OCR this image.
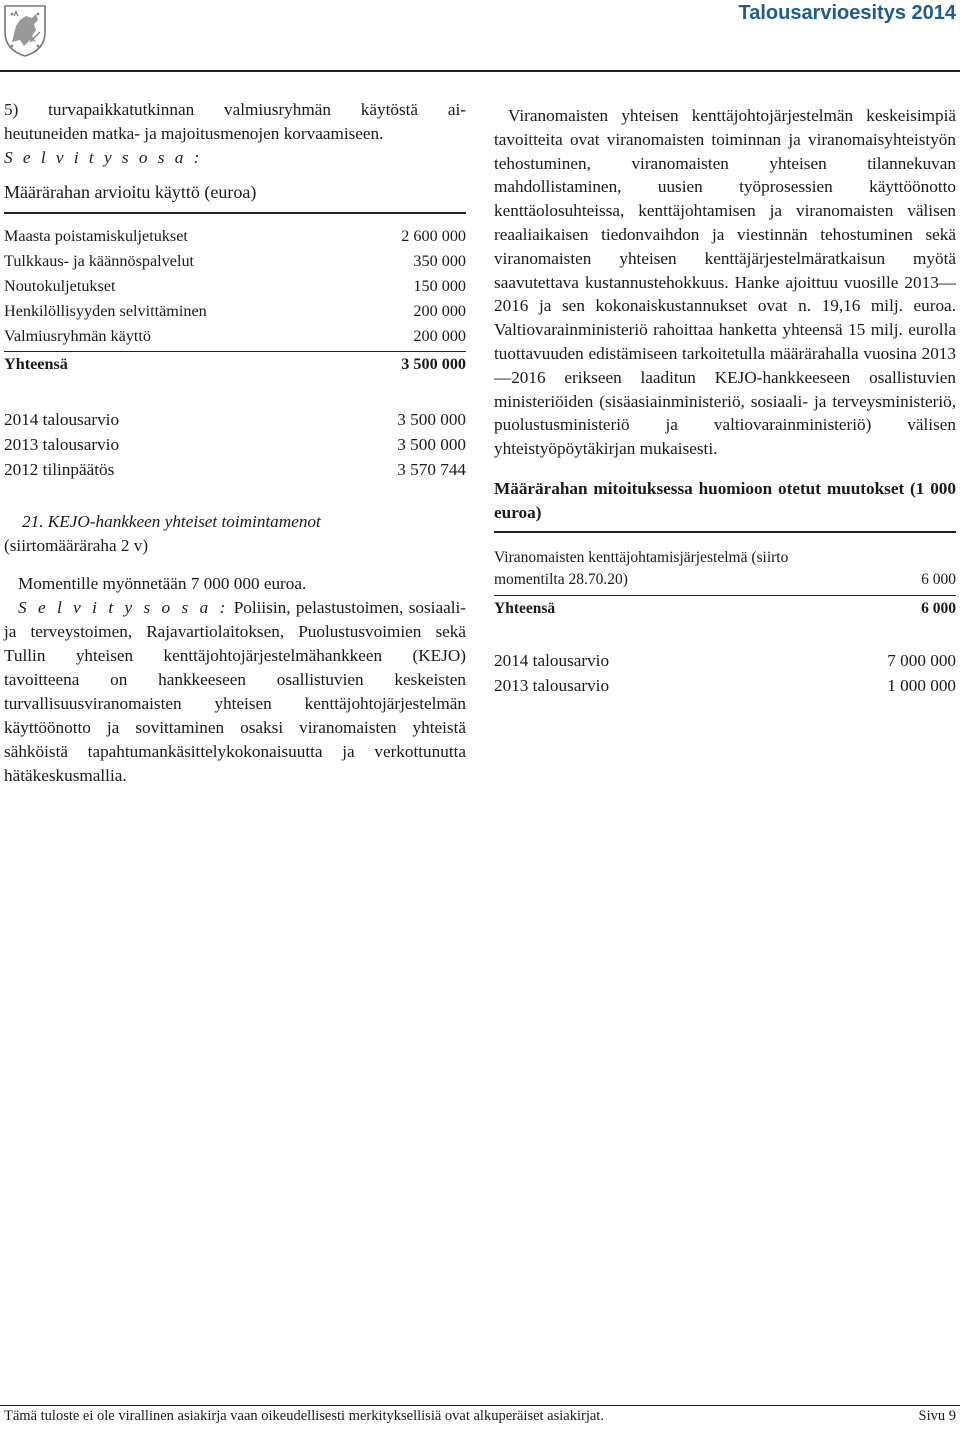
Talousarvioesitys 2014

5) turvapaikkatutkinnan valmiusryhmän käytöstä ai-

heutuneiden matka- ja majoitusmenojen korvaamiseen.

S e l v i t y s o s a :

Määrärahan arvioitu käyttö (euroa)

Maasta poistamiskuljetukset	2 600 000
Tulkkaus- ja käännöspalvelut	350 000
Noutokuljetukset	150 000
Henkilöllisyyden selvittäminen	200 000
Valmiusryhmän käyttö	200 000
Yhteensä	3 500 000
2014 talousarvio	3 500 000
2013 talousarvio	3 500 000
2012 tilinpäätös	3 570 744

21. KEJO-hankkeen yhteiset toimintamenot

(siirtomääräraha 2 v)

Momentille myönnetään 7 000 000 euroa.

S e l v i t y s o s a : Poliisin, pelastustoimen, sosiaali- ja terveystoimen, Rajavartiolaitoksen, Puolustusvoimien sekä Tullin yhteisen kenttäjohtojärjestelmähankkeen (KEJO) tavoitteena on hankkeeseen osallistuvien keskeisten turvallisuusviranomaisten yhteisen kenttäjohtojärjestelmän käyttöönotto ja sovittaminen osaksi viranomaisten yhteistä sähköistä tapahtumankäsittelykokonaisuutta ja verkottunutta hätäkeskusmallia.

Viranomaisten yhteisen kenttäjohtojärjestelmän keskeisimpiä tavoitteita ovat viranomaisten toiminnan ja viranomaisyhteistyön tehostuminen, viranomaisten yhteisen tilannekuvan mahdollistaminen, uusien työprosessien käyttöönotto kenttäolosuhteissa, kenttäjohtamisen ja viranomaisten välisen reaaliaikaisen tiedonvaihdon ja viestinnän tehostuminen sekä viranomaisten yhteisen kenttäjärjestelmäratkaisun myötä saavutettava kustannustehokkuus. Hanke ajoittuu vuosille 2013—2016 ja sen kokonaiskustannukset ovat n. 19,16 milj. euroa. Valtiovarainministeriö rahoittaa hanketta yhteensä 15 milj. eurolla tuottavuuden edistämiseen tarkoitetulla määrärahalla vuosina 2013—2016 erikseen laaditun KEJO-hankkeeseen osallistuvien ministeriöiden (sisäasiainministeriö, sosiaali- ja terveysministeriö, puolustusministeriö ja valtiovarainministeriö) välisen yhteistyöpöytäkirjan mukaisesti.

Määrärahan mitoituksessa huomioon otetut muutokset (1 000 euroa)

Viranomaisten kenttäjohtamisjärjestelmä (siirto
momentilta 28.70.20)	6 000
Yhteensä	6 000
2014 talousarvio	7 000 000
2013 talousarvio	1 000 000
Tämä tuloste ei ole virallinen asiakirja vaan oikeudellisesti merkityksellisiä ovat alkuperäiset asiakirjat.	Sivu 9
